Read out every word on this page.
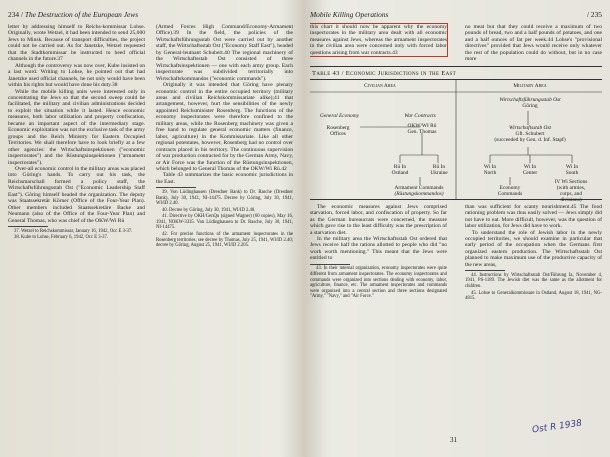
234 / The Destruction of the European Jews

letter by addressing himself to Reichs-kommissar Lohse. Originally, wrote Wetzel, it had been intended to send 25,000 Jews to Minsk. Because of transport difficulties, the project could not be carried out. As for Janetzke, Wetzel requested that the Stadtkommissar be instructed to heed official channels in the future.37

Although the controversy was now over, Kube insisted on a last word. Writing to Lohse, he pointed out that had Janetzke used official channels, he not only would have been within his rights but would have done his duty.38

While the mobile killing units were interested only in concentrating the Jews so that the second sweep could be facilitated, the military and civilian administrations decided to exploit the situation while it lasted. Hence economic measures, both labor utilization and property confiscation, became an important aspect of the intermediary stage. Economic exploitation was not the exclusive task of the army groups and the Reich Ministry for Eastern Occupied Territories. We shall therefore have to look briefly at a few other agencies: the Wirtschaftsinspektionen ("economic inspectorates") and the Rüstungsinspektionen ("armament inspectorates").

Over-all economic control in the military areas was placed into Göring's hands. To carry out his task, the Reichsmarschall formed a policy staff, the Wirtschaftsführungsstab Ost ("Economic Leadership Staff East"). Göring himself headed the organization. The deputy was Staatssekretär Körner (Office of the Four-Year Plan). Other members included Staatssekretäre Backe and Neumann (also of the Office of the Four-Year Plan) and General Thomas, who was chief of the OKW/Wi Rü

37. Wetzel to Reichskommissar, January 16, 1942, Occ E 3-37.

38. Kube to Lohse, February 6, 1942, Occ E 3-37.

(Armed Forces High Command/Economy-Armament Office).39 In the field, the policies of the Wirtschaftsführungsstab Ost were carried out by another staff, the Wirtschaftsstab Ost ("Economy Staff East"), headed by General-leutnant Schubert.40 The regional machinery of the Wirtschaftsstab Ost consisted of three Wirtschaftsinspektionen — one with each army group. Each inspectorate was subdivided territorially into Wirtschaftskommandos ("economic commands").

Originally it was intended that Göring have plenary economic control in the entire occupied territory (military areas and civilian Reichskommissariate alike);41 that arrangement, however, hurt the sensibilities of the newly appointed Reichsminister Rosenberg. The functions of the economy inspectorates were therefore confined to the military areas, while the Rosenberg machinery was given a free hand to regulate general economic matters (finance, labor, agriculture) in the Kommissariate. Like all other regional potentates, however, Rosenberg had no control over contracts placed in his territory. The continuous supervision of war production contracted for by the German Army, Navy, or Air Force was the function of the Rüstungsinspektionen, which belonged to General Thomas of the OKW/Wi Rü.42

Table 43 summarizes the basic economic jurisdictions in the East.

39. Von Lüdinghausen (Dresdner Bank) to Dr. Rasche (Dresdner Bank), July 30, 1941, NI-14475. Decree by Göring, July 30, 1941, WI/ID 2.40.

40. Decree by Göring, July 30, 1941, WI/ID 2.40.

41. Directive by OKH/GenQu (signed Wagner) (60 copies), May 16, 1941, NOKW-3335. Von Lüdinghausen to Dr. Rasche, July 30, 1941, NI-14475.

42. For precise functions of the armament inspectorates in the Rosenberg territories, see decree by Thomas, July 25, 1941, WI/ID 2.40; decree by Göring, August 25, 1941, WI/ID 2.205.

Mobile Killing Operations	/ 235

this chart it should now be apparent why the economy inspectorates in the military area dealt with all economic measures against Jews, whereas the armament inspectorates in the civilian area were concerned only with forced labor questions arising from war contracts.43

no meat but that they could receive a maximum of two pounds of bread, two and a half pounds of potatoes, and one and a half ounces of fat per week.44 Lohse's "provisional directives" provided that Jews would receive only whatever the rest of the population could do without, but in no case more

Table 43 / Economic Jurisdictions in the East
Civilian Area	Military Area
Wirtschaftsführungsstab Ost
Göring
General Economy	War Contracts
Rosenberg
Offices
OKW/WI Rü
Gen. Thomas
Wirtschaftsstab Ost
Gft. Schubert
(succeeded by Gen. d. Inf. Stapf)
Rü In
Ostland
Rü In
Ukraine
Wi In
North
Wi In
Center
Wi In
South
Armament Commands
(Rüstungskommandos)
Economy
Commands
IV Wi Sections
(with armies,
corps, and
divisions)

The economic measures against Jews comprised starvation, forced labor, and confiscation of property. So far as the German bureaucrats were concerned, the measure which gave rise to the least difficulty was the prescription of a starvation diet.

In the military area the Wirtschaftsstab Ost ordered that Jews receive half the rations allotted to people who did "no work worth mentioning." This meant that the Jews were entitled to

43. In their internal organization, economy inspectorates were quite different from armament inspectorates. The economy inspectorates and commands were organized into sections dealing with economy, labor, agriculture, finance, etc. The armament inspectorates and commands were organized into a central section and three sections designated "Army," "Navy," and "Air Force."

than was sufficient for scanty nourishment.45 The food rationing problem was thus easily solved — Jews simply did not have to eat. More difficult, however, was the question of labor utilization, for Jews did have to work.

To understand the role of Jewish labor in the newly occupied territories, we should examine in particular that early period of the occupation when the Germans first organized eastern production. The Wirtschaftsstab Ost planned to make maximum use of the productive capacity of the new areas,

44. Instructions by Wirtschaftsstab Ost/Führung Ia, November 4, 1941, PS-1189. The Jewish diet was the same as the allotment for children.

45. Lohse to Generalkommissare in Ostland, August 18, 1941, NG-4815.

Ost R 1938
31
